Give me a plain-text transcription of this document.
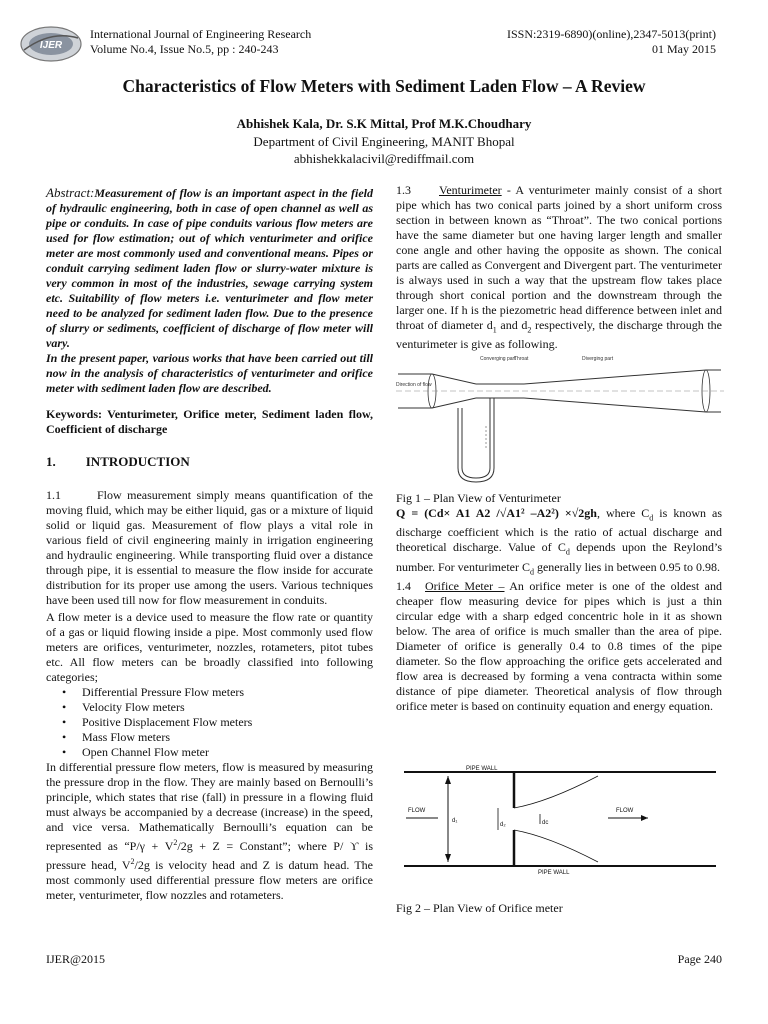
IJER
International Journal of Engineering Research
Volume No.4, Issue No.5, pp : 240-243
ISSN:2319-6890)(online),2347-5013(print)
01 May 2015
Characteristics of Flow Meters with Sediment Laden Flow – A Review
Abhishek Kala, Dr. S.K Mittal, Prof M.K.Choudhary
Department of Civil Engineering, MANIT Bhopal
abhishekkalacivil@rediffmail.com

Abstract:Measurement of flow is an important aspect in the field of hydraulic engineering, both in case of open channel as well as pipe or conduits. In case of pipe conduits various flow meters are used for flow estimation; out of which venturimeter and orifice meter are most commonly used and conventional means. Pipes or conduit carrying sediment laden flow or slurry-water mixture is very common in most of the industries, sewage carrying system etc. Suitability of flow meters i.e. venturimeter and flow meter need to be analyzed for sediment laden flow. Due to the presence of slurry or sediments, coefficient of discharge of flow meter will vary.

In the present paper, various works that have been carried out till now in the analysis of characteristics of venturimeter and orifice meter with sediment laden flow are described.

Keywords: Venturimeter, Orifice meter, Sediment laden flow, Coefficient of discharge
1. INTRODUCTION

1.1	Flow measurement simply means quantification of the moving fluid, which may be either liquid, gas or a mixture of liquid solid or liquid gas. Measurement of flow plays a vital role in various field of civil engineering mainly in irrigation engineering and hydraulic engineering. While transporting fluid over a distance through pipe, it is essential to measure the flow inside for accurate distribution for its proper use among the users. Various techniques have been used till now for flow measurement in conduits.

A flow meter is a device used to measure the flow rate or quantity of a gas or liquid flowing inside a pipe. Most commonly used flow meters are orifices, venturimeter, nozzles, rotameters, pitot tubes etc. All flow meters can be broadly classified into following categories;

• Differential Pressure Flow meters
• Velocity Flow meters
• Positive Displacement Flow meters
• Mass Flow meters
• Open Channel Flow meter

In differential pressure flow meters, flow is measured by measuring the pressure drop in the flow. They are mainly based on Bernoulli’s principle, which states that rise (fall) in pressure in a flowing fluid must always be accompanied by a decrease (increase) in the speed, and vice versa. Mathematically Bernoulli’s equation can be represented as “$P/\gamma + V^2/2g + Z$ = Constant”; where P/ ϒ is pressure head, $V^2/2g$ is velocity head and Z is datum head. The most commonly used differential pressure flow meters are orifice meter, venturimeter, flow nozzles and rotameters.

1.3 Venturimeter - A venturimeter mainly consist of a short pipe which has two conical parts joined by a short uniform cross section in between known as “Throat”. The two conical portions have the same diameter but one having larger length and smaller cone angle and other having the opposite as shown. The conical parts are called as Convergent and Divergent part. The venturimeter is always used in such a way that the upstream flow takes place through short conical portion and the downstream through the larger one. If h is the piezometric head difference between inlet and throat of diameter $d_1$ and $d_2$ respectively, the discharge through the venturimeter is give as following.

Converging part
Throat	Diverging part
Direction of flow
Fig 1 – Plan View of Venturimeter

Q = (Cd× A1 A2 /√A1² –A2²) ×√2gh, where $C_d$ is known as discharge coefficient which is the ratio of actual discharge and theoretical discharge. Value of $C_d$ depends upon the Reylond’s number. For venturimeter $C_d$ generally lies in between 0.95 to 0.98.

1.4 Orifice Meter – An orifice meter is one of the oldest and cheaper flow measuring device for pipes which is just a thin circular edge with a sharp edged concentric hole in it as shown below. The area of orifice is much smaller than the area of pipe. Diameter of orifice is generally 0.4 to 0.8 times of the pipe diameter. So the flow approaching the orifice gets accelerated and flow area is decreased by forming a vena contracta within some distance of pipe diameter. Theoretical analysis of flow through orifice meter is based on continuity equation and energy equation.

PIPE WALL
PIPE WALL
FLOW	FLOW
d₁
d₂	dc
Fig 2 – Plan View of Orifice meter
IJER@2015	Page 240
